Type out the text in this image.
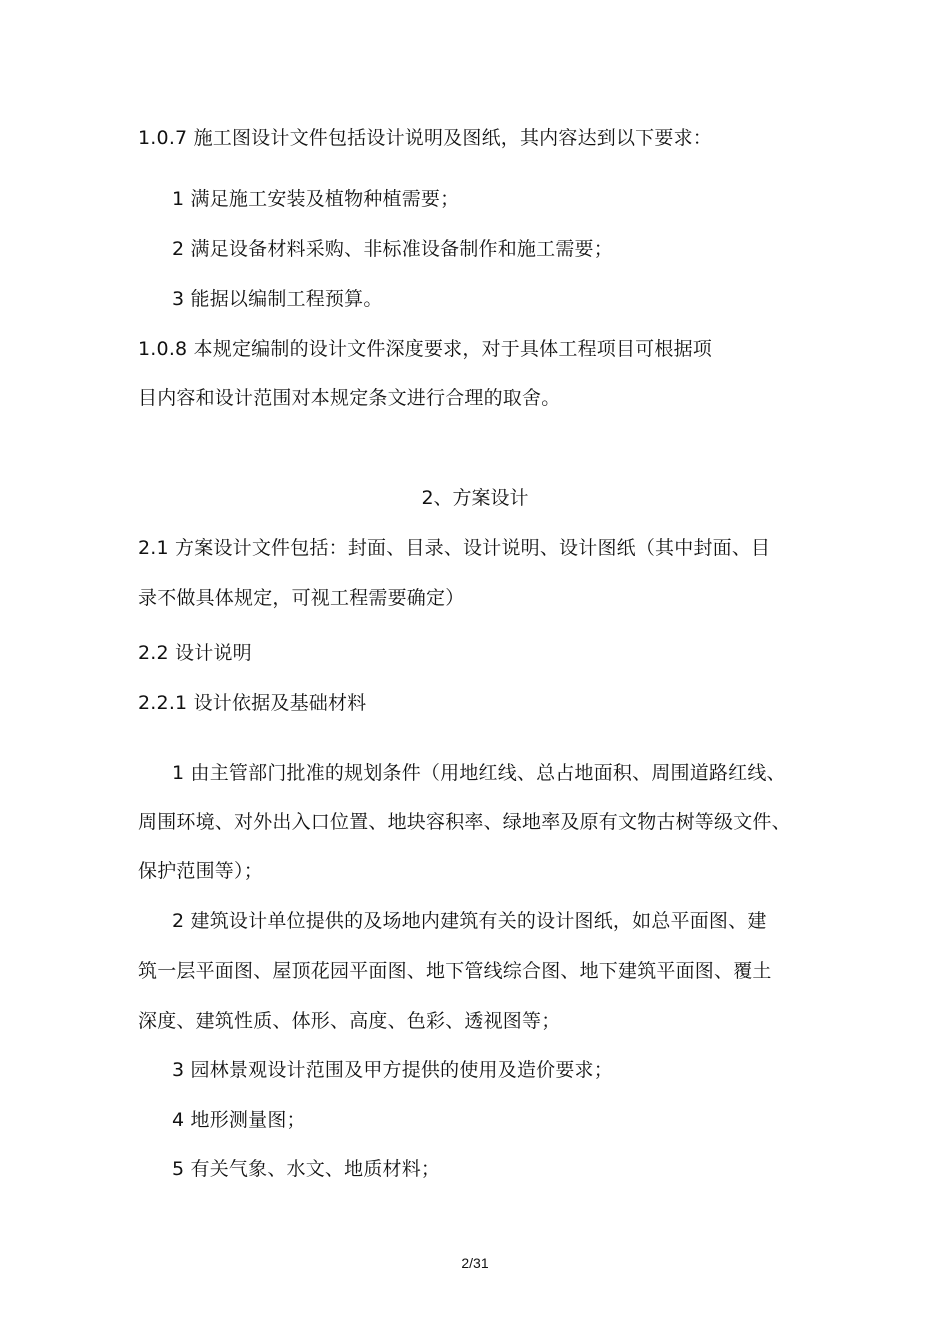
1.0.7 施工图设计文件包括设计说明及图纸，其内容达到以下要求：
1 满足施工安装及植物种植需要；
2 满足设备材料采购、非标准设备制作和施工需要；
3 能据以编制工程预算。
1.0.8 本规定编制的设计文件深度要求，对于具体工程项目可根据项
目内容和设计范围对本规定条文进行合理的取舍。
2、方案设计
2.1 方案设计文件包括：封面、目录、设计说明、设计图纸（其中封面、目
录不做具体规定，可视工程需要确定）
2.2 设计说明
2.2.1 设计依据及基础材料
1 由主管部门批准的规划条件（用地红线、总占地面积、周围道路红线、
周围环境、对外出入口位置、地块容积率、绿地率及原有文物古树等级文件、
保护范围等）；
2 建筑设计单位提供的及场地内建筑有关的设计图纸，如总平面图、建
筑一层平面图、屋顶花园平面图、地下管线综合图、地下建筑平面图、覆土
深度、建筑性质、体形、高度、色彩、透视图等；
3 园林景观设计范围及甲方提供的使用及造价要求；
4 地形测量图；
5 有关气象、水文、地质材料；
2/31
